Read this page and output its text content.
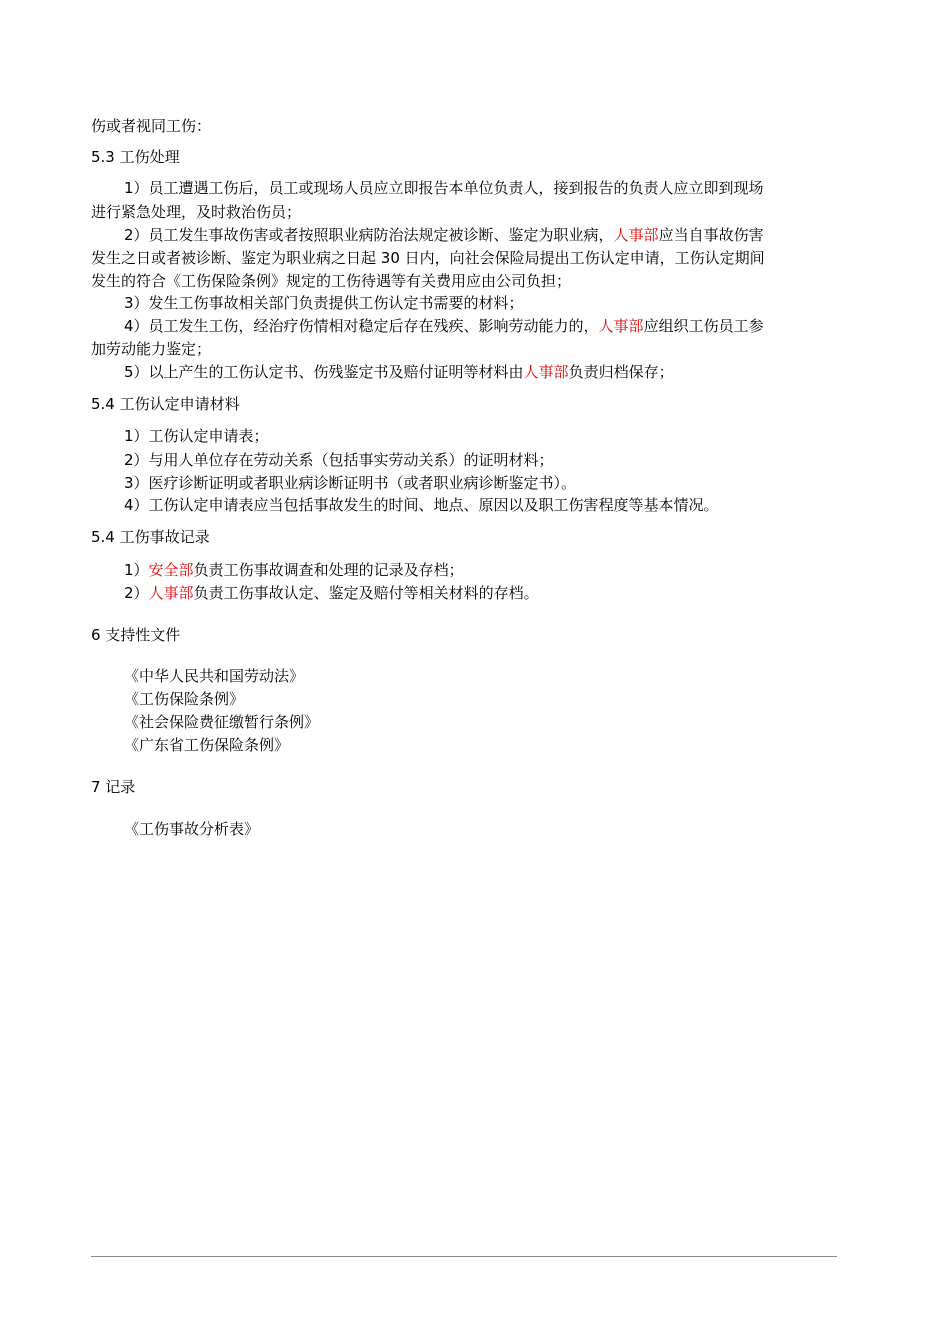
伤或者视同工伤：
5.3 工伤处理
1）员工遭遇工伤后，员工或现场人员应立即报告本单位负责人，接到报告的负责人应立即到现场
进行紧急处理，及时救治伤员；
2）员工发生事故伤害或者按照职业病防治法规定被诊断、鉴定为职业病，人事部应当自事故伤害
发生之日或者被诊断、鉴定为职业病之日起 30 日内，向社会保险局提出工伤认定申请，工伤认定期间
发生的符合《工伤保险条例》规定的工伤待遇等有关费用应由公司负担；
3）发生工伤事故相关部门负责提供工伤认定书需要的材料；
4）员工发生工伤，经治疗伤情相对稳定后存在残疾、影响劳动能力的，人事部应组织工伤员工参
加劳动能力鉴定；
5）以上产生的工伤认定书、伤残鉴定书及赔付证明等材料由人事部负责归档保存；
5.4 工伤认定申请材料
1）工伤认定申请表；
2）与用人单位存在劳动关系（包括事实劳动关系）的证明材料；
3）医疗诊断证明或者职业病诊断证明书（或者职业病诊断鉴定书）。
4）工伤认定申请表应当包括事故发生的时间、地点、原因以及职工伤害程度等基本情况。
5.4 工伤事故记录
1）安全部负责工伤事故调查和处理的记录及存档；
2）人事部负责工伤事故认定、鉴定及赔付等相关材料的存档。
6 支持性文件
《中华人民共和国劳动法》
《工伤保险条例》
《社会保险费征缴暂行条例》
《广东省工伤保险条例》
7 记录
《工伤事故分析表》
